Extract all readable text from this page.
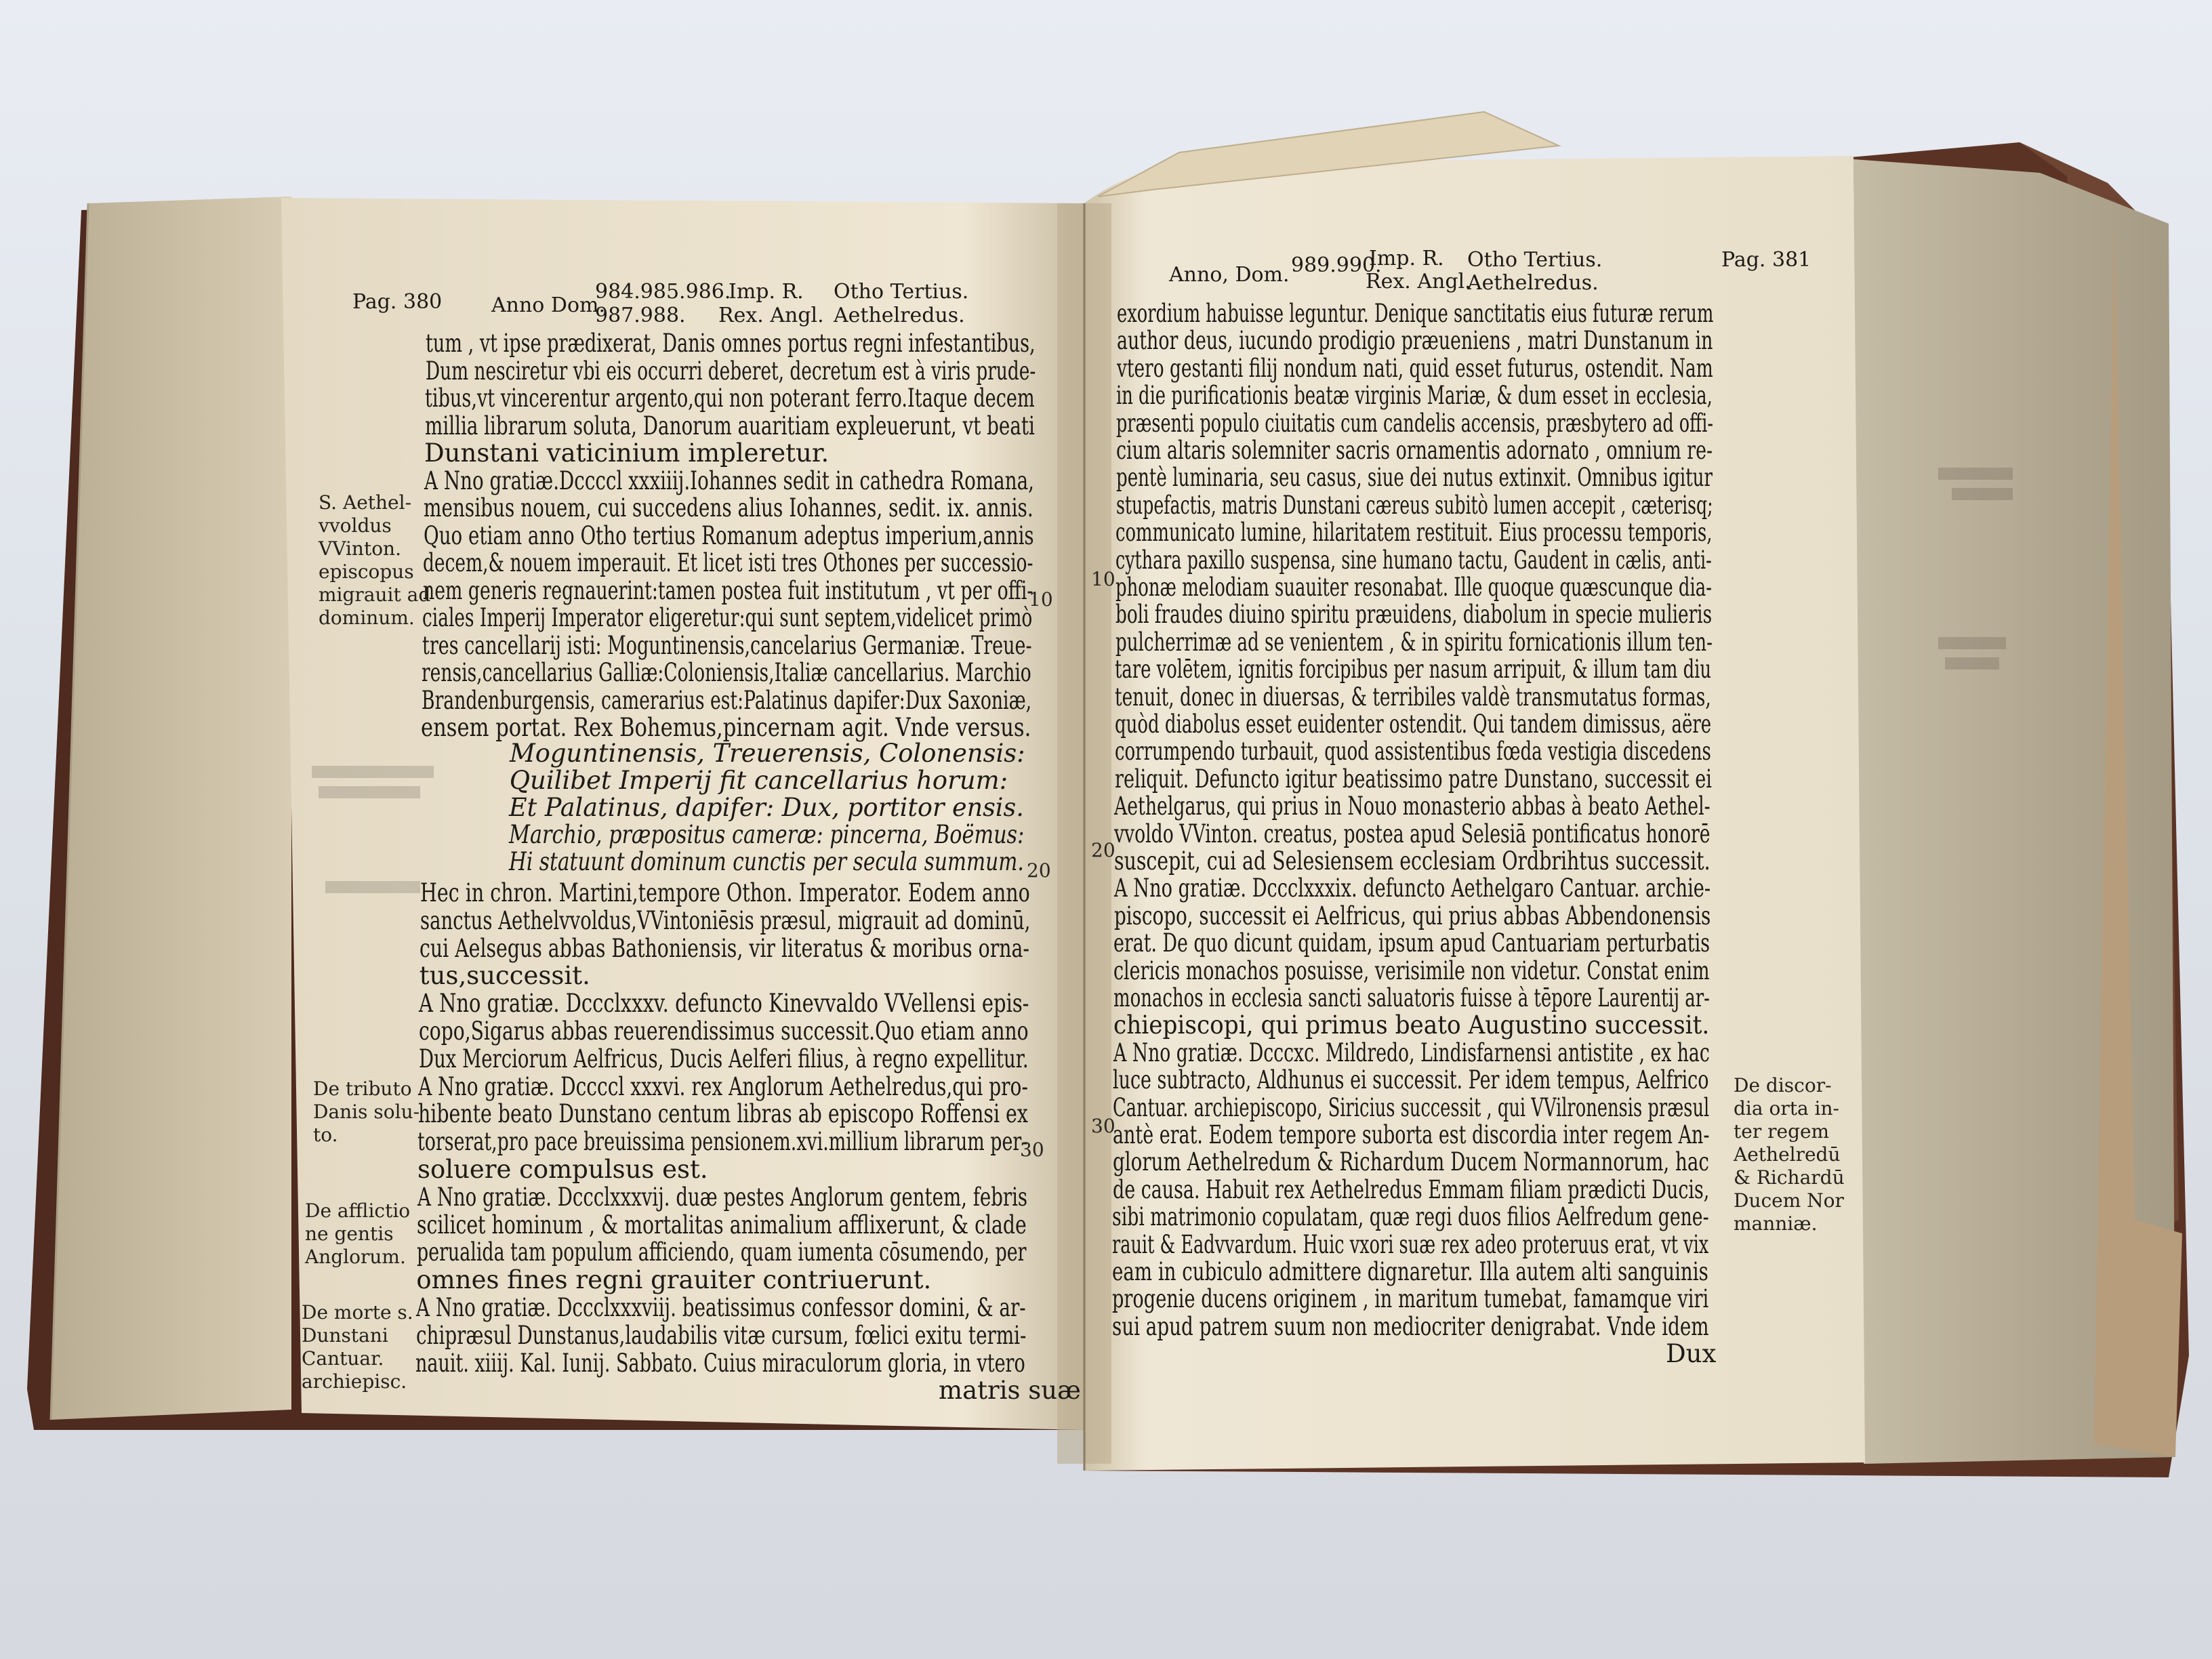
Pag. 380 Anno Dom.
984.985.986.
987.988.
Imp. R.
Rex. Angl.
Otho Tertius.
Aethelredus.
tum , vt ipse prædixerat, Danis omnes portus regni infestantibus,
Dum nesciretur vbi eis occurri deberet, decretum est à viris prude-
tibus,vt vincerentur argento,qui non poterant ferro.Itaque decem
millia librarum soluta, Danorum auaritiam expleuerunt, vt beati
Dunstani vaticinium impleretur.
A Nno gratiæ.Dccccl xxxiiij.Iohannes sedit in cathedra Romana,
mensibus nouem, cui succedens alius Iohannes, sedit. ix. annis.
Quo etiam anno Otho tertius Romanum adeptus imperium,annis
decem,& nouem imperauit. Et licet isti tres Othones per successio-
nem generis regnauerint:tamen postea fuit institutum , vt per offi-
ciales Imperij Imperator eligeretur:qui sunt septem,videlicet primò
tres cancellarij isti: Moguntinensis,cancelarius Germaniæ. Treue-
rensis,cancellarius Galliæ:Coloniensis,Italiæ cancellarius. Marchio
Brandenburgensis, camerarius est:Palatinus dapifer:Dux Saxoniæ,
ensem portat. Rex Bohemus,pincernam agit. Vnde versus.
Moguntinensis, Treuerensis, Colonensis:
Quilibet Imperij fit cancellarius horum:
Et Palatinus, dapifer: Dux, portitor ensis.
Marchio, præpositus cameræ: pincerna, Boëmus:
Hi statuunt dominum cunctis per secula summum.
Hec in chron. Martini,tempore Othon. Imperator. Eodem anno
sanctus Aethelvvoldus,VVintoniēsis præsul, migrauit ad dominū,
cui Aelsegus abbas Bathoniensis, vir literatus & moribus orna-
tus,successit.
A Nno gratiæ. Dccclxxxv. defuncto Kinevvaldo VVellensi epis-
copo,Sigarus abbas reuerendissimus successit.Quo etiam anno
Dux Merciorum Aelfricus, Ducis Aelferi filius, à regno expellitur.
A Nno gratiæ. Dccccl xxxvi. rex Anglorum Aethelredus,qui pro-
hibente beato Dunstano centum libras ab episcopo Roffensi ex
torserat,pro pace breuissima pensionem.xvi.millium librarum per-
soluere compulsus est.
A Nno gratiæ. Dccclxxxvij. duæ pestes Anglorum gentem, febris
scilicet hominum , & mortalitas animalium afflixerunt, & clade
perualida tam populum afficiendo, quam iumenta cōsumendo, per
omnes fines regni grauiter contriuerunt.
A Nno gratiæ. Dccclxxxviij. beatissimus confessor domini, & ar-
chipræsul Dunstanus,laudabilis vitæ cursum, fœlici exitu termi-
nauit. xiiij. Kal. Iunij. Sabbato. Cuius miraculorum gloria, in vtero
matris suæ
S. Aethel-
vvoldus
VVinton.
episcopus
migrauit ad
dominum.
De tributo
Danis solu-
to.
De afflictio
ne gentis
Anglorum.
De morte s.
Dunstani
Cantuar.
archiepisc.
10
20
30
Anno, Dom. 989.990.
Imp. R.
Rex. Angl.
Otho Tertius.
Aethelredus.
Pag. 381
exordium habuisse leguntur. Denique sanctitatis eius futuræ rerum
author deus, iucundo prodigio præueniens , matri Dunstanum in
vtero gestanti filij nondum nati, quid esset futurus, ostendit. Nam
in die purificationis beatæ virginis Mariæ, & dum esset in ecclesia,
præsenti populo ciuitatis cum candelis accensis, præsbytero ad offi-
cium altaris solemniter sacris ornamentis adornato , omnium re-
pentè luminaria, seu casus, siue dei nutus extinxit. Omnibus igitur
stupefactis, matris Dunstani cæreus subitò lumen accepit , cæterisq;
communicato lumine, hilaritatem restituit. Eius processu temporis,
cythara paxillo suspensa, sine humano tactu, Gaudent in cælis, anti-
phonæ melodiam suauiter resonabat. Ille quoque quæscunque dia-
boli fraudes diuino spiritu præuidens, diabolum in specie mulieris
pulcherrimæ ad se venientem , & in spiritu fornicationis illum ten-
tare volētem, ignitis forcipibus per nasum arripuit, & illum tam diu
tenuit, donec in diuersas, & terribiles valdè transmutatus formas,
quòd diabolus esset euidenter ostendit. Qui tandem dimissus, aëre
corrumpendo turbauit, quod assistentibus fœda vestigia discedens
reliquit. Defuncto igitur beatissimo patre Dunstano, successit ei
Aethelgarus, qui prius in Nouo monasterio abbas à beato Aethel-
vvoldo VVinton. creatus, postea apud Selesiā pontificatus honorē
suscepit, cui ad Selesiensem ecclesiam Ordbrihtus successit.
A Nno gratiæ. Dccclxxxix. defuncto Aethelgaro Cantuar. archie-
piscopo, successit ei Aelfricus, qui prius abbas Abbendonensis
erat. De quo dicunt quidam, ipsum apud Cantuariam perturbatis
clericis monachos posuisse, verisimile non videtur. Constat enim
monachos in ecclesia sancti saluatoris fuisse à tēpore Laurentij ar-
chiepiscopi, qui primus beato Augustino successit.
A Nno gratiæ. Dcccxc. Mildredo, Lindisfarnensi antistite , ex hac
luce subtracto, Aldhunus ei successit. Per idem tempus, Aelfrico
Cantuar. archiepiscopo, Siricius successit , qui VVilronensis præsul
antè erat. Eodem tempore suborta est discordia inter regem An-
glorum Aethelredum & Richardum Ducem Normannorum, hac
de causa. Habuit rex Aethelredus Emmam filiam prædicti Ducis,
sibi matrimonio copulatam, quæ regi duos filios Aelfredum gene-
rauit & Eadvvardum. Huic vxori suæ rex adeo proteruus erat, vt vix
eam in cubiculo admittere dignaretur. Illa autem alti sanguinis
progenie ducens originem , in maritum tumebat, famamque viri
sui apud patrem suum non mediocriter denigrabat. Vnde idem
Dux
De discor-
dia orta in-
ter regem
Aethelredū
& Richardū
Ducem Nor
manniæ.
10
20
30
